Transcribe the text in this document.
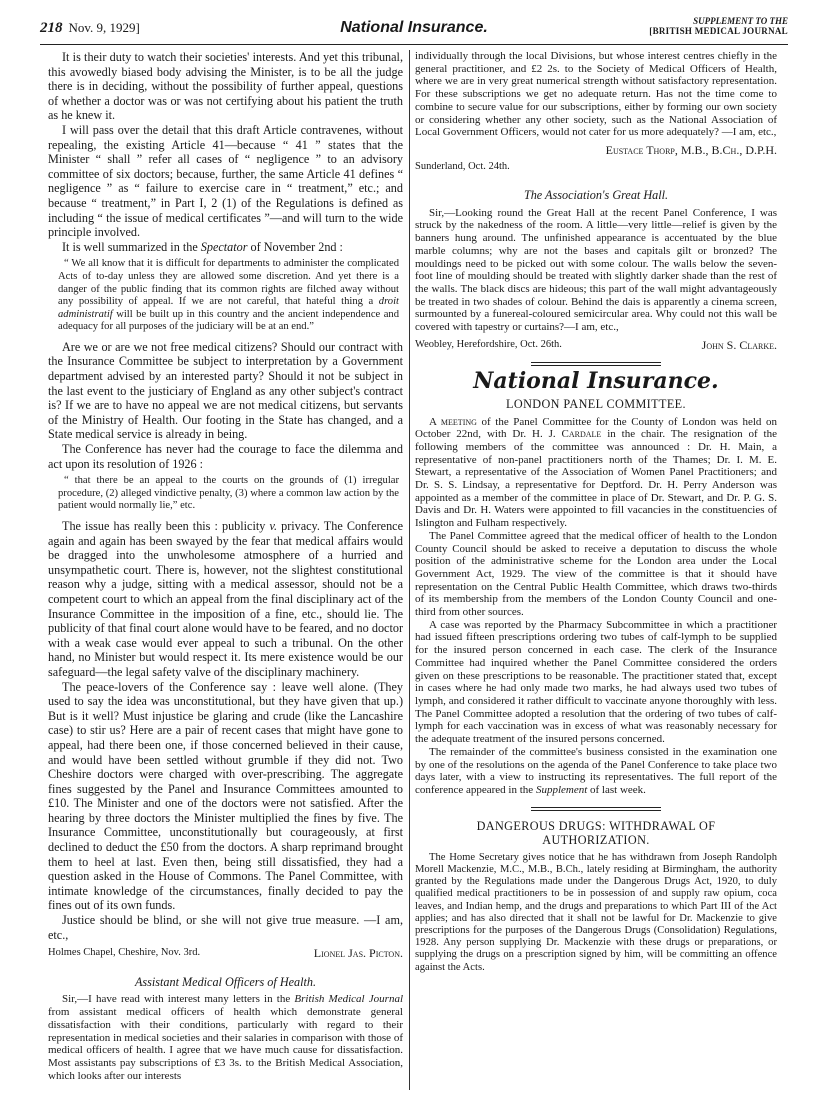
218 Nov. 9, 1929]	National Insurance.	SUPPLEMENT TO THE
[BRITISH MEDICAL JOURNAL

It is their duty to watch their societies' interests. And yet this tribunal, this avowedly biased body advising the Minister, is to be all the judge there is in deciding, without the possibility of further appeal, questions of whether a doctor was or was not certifying about his patient the truth as he knew it.

I will pass over the detail that this draft Article contravenes, without repealing, the existing Article 41—because “ 41 ” states that the Minister “ shall ” refer all cases of “ negligence ” to an advisory committee of six doctors; because, further, the same Article 41 defines “ negligence ” as “ failure to exercise care in “ treatment,” etc.; and because “ treatment,” in Part I, 2 (1) of the Regulations is defined as including “ the issue of medical certificates ”—and will turn to the wide principle involved.

It is well summarized in the Spectator of November 2nd :

“ We all know that it is difficult for departments to administer the complicated Acts of to-day unless they are allowed some discretion. And yet there is a danger of the public finding that its common rights are filched away without any possibility of appeal. If we are not careful, that hateful thing a droit administratif will be built up in this country and the ancient independence and adequacy for all purposes of the judiciary will be at an end.”

Are we or are we not free medical citizens? Should our contract with the Insurance Committee be subject to interpretation by a Government department advised by an interested party? Should it not be subject in the last event to the justiciary of England as any other subject's contract is? If we are to have no appeal we are not medical citizens, but servants of the Ministry of Health. Our footing in the State has changed, and a State medical service is already in being.

The Conference has never had the courage to face the dilemma and act upon its resolution of 1926 :

“ that there be an appeal to the courts on the grounds of (1) irregular procedure, (2) alleged vindictive penalty, (3) where a common law action by the patient would normally lie,” etc.

The issue has really been this : publicity v. privacy. The Conference again and again has been swayed by the fear that medical affairs would be dragged into the unwholesome atmosphere of a hurried and unsympathetic court. There is, however, not the slightest constitutional reason why a judge, sitting with a medical assessor, should not be a competent court to which an appeal from the final disciplinary act of the Insurance Committee in the imposition of a fine, etc., should lie. The publicity of that final court alone would have to be feared, and no doctor with a weak case would ever appeal to such a tribunal. On the other hand, no Minister but would respect it. Its mere existence would be our safeguard—the legal safety valve of the disciplinary machinery.

The peace-lovers of the Conference say : leave well alone. (They used to say the idea was unconstitutional, but they have given that up.) But is it well? Must injustice be glaring and crude (like the Lancashire case) to stir us? Here are a pair of recent cases that might have gone to appeal, had there been one, if those concerned believed in their cause, and would have been settled without grumble if they did not. Two Cheshire doctors were charged with over-prescribing. The aggregate fines suggested by the Panel and Insurance Committees amounted to £10. The Minister and one of the doctors were not satisfied. After the hearing by three doctors the Minister multiplied the fines by five. The Insurance Committee, unconstitutionally but courageously, at first declined to deduct the £50 from the doctors. A sharp reprimand brought them to heel at last. Even then, being still dissatisfied, they had a question asked in the House of Commons. The Panel Committee, with intimate knowledge of the circumstances, finally decided to pay the fines out of its own funds.

Justice should be blind, or she will not give true measure. —I am, etc.,

Holmes Chapel, Cheshire, Nov. 3rd.	Lionel Jas. Picton.
Assistant Medical Officers of Health.

Sir,—I have read with interest many letters in the British Medical Journal from assistant medical officers of health which demonstrate general dissatisfaction with their conditions, particularly with regard to their representation in medical societies and their salaries in comparison with those of medical officers of health. I agree that we have much cause for dissatisfaction. Most assistants pay subscriptions of £3 3s. to the British Medical Association, which looks after our interests

individually through the local Divisions, but whose interest centres chiefly in the general practitioner, and £2 2s. to the Society of Medical Officers of Health, where we are in very great numerical strength without satisfactory representation. For these subscriptions we get no adequate return. Has not the time come to combine to secure value for our subscriptions, either by forming our own society or considering whether any other society, such as the National Association of Local Government Officers, would not cater for us more adequately? —I am, etc.,

Eustace Thorp, M.B., B.Ch., D.P.H.
Sunderland, Oct. 24th.
The Association's Great Hall.

Sir,—Looking round the Great Hall at the recent Panel Conference, I was struck by the nakedness of the room. A little—very little—relief is given by the banners hung around. The unfinished appearance is accentuated by the blue marble columns; why are not the bases and capitals gilt or bronzed? The mouldings need to be picked out with some colour. The walls below the seven-foot line of moulding should be treated with slightly darker shade than the rest of the walls. The black discs are hideous; this part of the wall might advantageously be treated in two shades of colour. Behind the dais is apparently a cinema screen, surmounted by a funereal-coloured semicircular area. Why could not this wall be covered with tapestry or curtains?—I am, etc.,

Weobley, Herefordshire, Oct. 26th.	John S. Clarke.
National Insurance.
LONDON PANEL COMMITTEE.

A meeting of the Panel Committee for the County of London was held on October 22nd, with Dr. H. J. Cardale in the chair. The resignation of the following members of the committee was announced : Dr. H. Main, a representative of non-panel practitioners north of the Thames; Dr. I. M. E. Stewart, a representative of the Association of Women Panel Practitioners; and Dr. S. S. Lindsay, a representative for Deptford. Dr. H. Perry Anderson was appointed as a member of the committee in place of Dr. Stewart, and Dr. P. G. S. Davis and Dr. H. Waters were appointed to fill vacancies in the constituencies of Islington and Fulham respectively.

The Panel Committee agreed that the medical officer of health to the London County Council should be asked to receive a deputation to discuss the whole position of the administrative scheme for the London area under the Local Government Act, 1929. The view of the committee is that it should have representation on the Central Public Health Committee, which draws two-thirds of its membership from the members of the London County Council and one-third from other sources.

A case was reported by the Pharmacy Subcommittee in which a practitioner had issued fifteen prescriptions ordering two tubes of calf-lymph to be supplied for the insured person concerned in each case. The clerk of the Insurance Committee had inquired whether the Panel Committee considered the orders given on these prescriptions to be reasonable. The practitioner stated that, except in cases where he had only made two marks, he had always used two tubes of lymph, and considered it rather difficult to vaccinate anyone thoroughly with less. The Panel Committee adopted a resolution that the ordering of two tubes of calf-lymph for each vaccination was in excess of what was reasonably necessary for the adequate treatment of the insured persons concerned.

The remainder of the committee's business consisted in the examination one by one of the resolutions on the agenda of the Panel Conference to take place two days later, with a view to instructing its representatives. The full report of the conference appeared in the Supplement of last week.

DANGEROUS DRUGS: WITHDRAWAL OF AUTHORIZATION.

The Home Secretary gives notice that he has withdrawn from Joseph Randolph Morell Mackenzie, M.C., M.B., B.Ch., lately residing at Birmingham, the authority granted by the Regulations made under the Dangerous Drugs Act, 1920, to duly qualified medical practitioners to be in possession of and supply raw opium, coca leaves, and Indian hemp, and the drugs and preparations to which Part III of the Act applies; and has also directed that it shall not be lawful for Dr. Mackenzie to give prescriptions for the purposes of the Dangerous Drugs (Consolidation) Regulations, 1928. Any person supplying Dr. Mackenzie with these drugs or preparations, or supplying the drugs on a prescription signed by him, will be committing an offence against the Acts.
